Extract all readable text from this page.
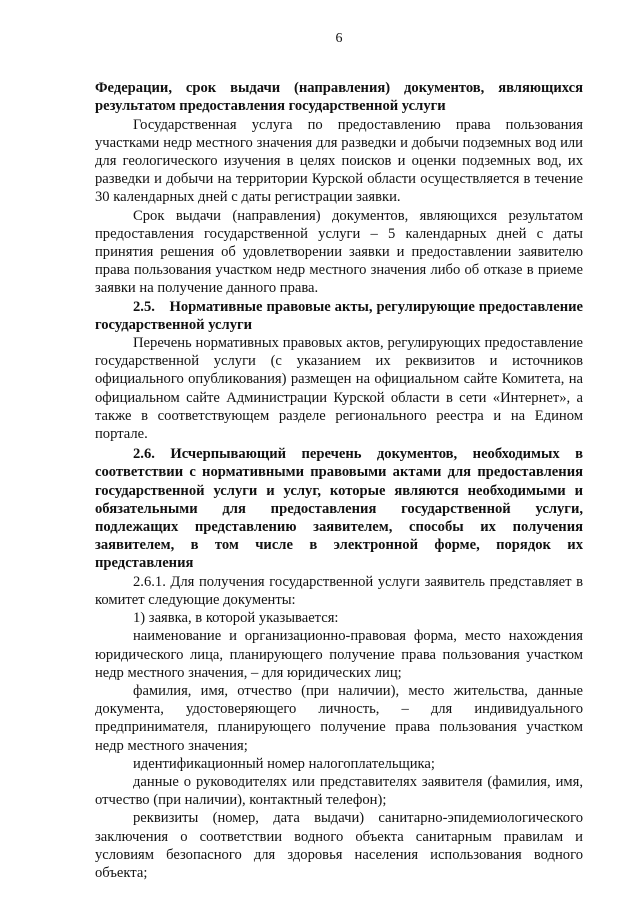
6

Федерации, срок выдачи (направления) документов, являющихся результатом предоставления государственной услуги

Государственная услуга по предоставлению права пользования участками недр местного значения для разведки и добычи подземных вод или для геологического изучения в целях поисков и оценки подземных вод, их разведки и добычи на территории Курской области осуществляется в течение 30 календарных дней с даты регистрации заявки.

Срок выдачи (направления) документов, являющихся результатом предоставления государственной услуги – 5 календарных дней с даты принятия решения об удовлетворении заявки и предоставлении заявителю права пользования участком недр местного значения либо об отказе в приеме заявки на получение данного права.

2.5. Нормативные правовые акты, регулирующие предоставление государственной услуги

Перечень нормативных правовых актов, регулирующих предоставление государственной услуги (с указанием их реквизитов и источников официального опубликования) размещен на официальном сайте Комитета, на официальном сайте Администрации Курской области в сети «Интернет», а также в соответствующем разделе регионального реестра и на Едином портале.

2.6. Исчерпывающий перечень документов, необходимых в соответствии с нормативными правовыми актами для предоставления государственной услуги и услуг, которые являются необходимыми и обязательными для предоставления государственной услуги, подлежащих представлению заявителем, способы их получения заявителем, в том числе в электронной форме, порядок их представления

2.6.1. Для получения государственной услуги заявитель представляет в комитет следующие документы:

1) заявка, в которой указывается:

наименование и организационно-правовая форма, место нахождения юридического лица, планирующего получение права пользования участком недр местного значения, – для юридических лиц;

фамилия, имя, отчество (при наличии), место жительства, данные документа, удостоверяющего личность, – для индивидуального предпринимателя, планирующего получение права пользования участком недр местного значения;

идентификационный номер налогоплательщика;

данные о руководителях или представителях заявителя (фамилия, имя, отчество (при наличии), контактный телефон);

реквизиты (номер, дата выдачи) санитарно-эпидемиологического заключения о соответствии водного объекта санитарным правилам и условиям безопасного для здоровья населения использования водного объекта;
